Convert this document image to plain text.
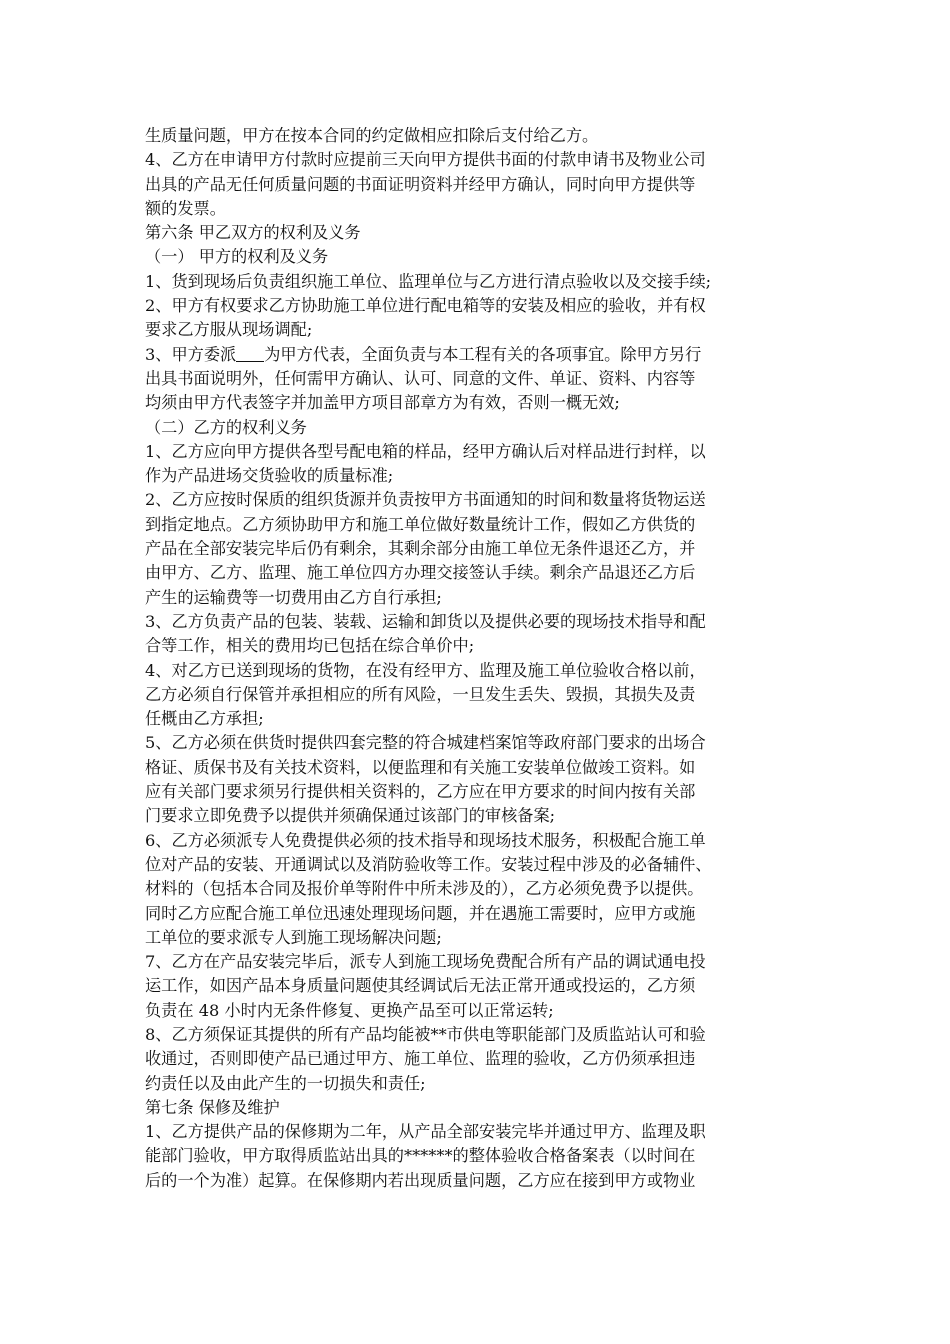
生质量问题，甲方在按本合同的约定做相应扣除后支付给乙方。

4、乙方在申请甲方付款时应提前三天向甲方提供书面的付款申请书及物业公司

出具的产品无任何质量问题的书面证明资料并经甲方确认，同时向甲方提供等

额的发票。

第六条 甲乙双方的权利及义务

（一） 甲方的权利及义务

1、货到现场后负责组织施工单位、监理单位与乙方进行清点验收以及交接手续;

2、甲方有权要求乙方协助施工单位进行配电箱等的安装及相应的验收，并有权

要求乙方服从现场调配;

3、甲方委派 为甲方代表，全面负责与本工程有关的各项事宜。除甲方另行

出具书面说明外，任何需甲方确认、认可、同意的文件、单证、资料、内容等

均须由甲方代表签字并加盖甲方项目部章方为有效，否则一概无效;

（二）乙方的权利义务

1、乙方应向甲方提供各型号配电箱的样品，经甲方确认后对样品进行封样，以

作为产品进场交货验收的质量标准;

2、乙方应按时保质的组织货源并负责按甲方书面通知的时间和数量将货物运送

到指定地点。乙方须协助甲方和施工单位做好数量统计工作，假如乙方供货的

产品在全部安装完毕后仍有剩余，其剩余部分由施工单位无条件退还乙方，并

由甲方、乙方、监理、施工单位四方办理交接签认手续。剩余产品退还乙方后

产生的运输费等一切费用由乙方自行承担;

3、乙方负责产品的包装、装载、运输和卸货以及提供必要的现场技术指导和配

合等工作，相关的费用均已包括在综合单价中;

4、对乙方已送到现场的货物，在没有经甲方、监理及施工单位验收合格以前，

乙方必须自行保管并承担相应的所有风险，一旦发生丢失、毁损，其损失及责

任概由乙方承担;

5、乙方必须在供货时提供四套完整的符合城建档案馆等政府部门要求的出场合

格证、质保书及有关技术资料，以便监理和有关施工安装单位做竣工资料。如

应有关部门要求须另行提供相关资料的，乙方应在甲方要求的时间内按有关部

门要求立即免费予以提供并须确保通过该部门的审核备案;

6、乙方必须派专人免费提供必须的技术指导和现场技术服务，积极配合施工单

位对产品的安装、开通调试以及消防验收等工作。安装过程中涉及的必备辅件、

材料的（包括本合同及报价单等附件中所未涉及的），乙方必须免费予以提供。

同时乙方应配合施工单位迅速处理现场问题，并在遇施工需要时，应甲方或施

工单位的要求派专人到施工现场解决问题;

7、乙方在产品安装完毕后，派专人到施工现场免费配合所有产品的调试通电投

运工作，如因产品本身质量问题使其经调试后无法正常开通或投运的，乙方须

负责在 48 小时内无条件修复、更换产品至可以正常运转;

8、乙方须保证其提供的所有产品均能被**市供电等职能部门及质监站认可和验

收通过，否则即使产品已通过甲方、施工单位、监理的验收，乙方仍须承担违

约责任以及由此产生的一切损失和责任;

第七条 保修及维护

1、乙方提供产品的保修期为二年，从产品全部安装完毕并通过甲方、监理及职

能部门验收，甲方取得质监站出具的******的整体验收合格备案表（以时间在

后的一个为准）起算。在保修期内若出现质量问题，乙方应在接到甲方或物业
